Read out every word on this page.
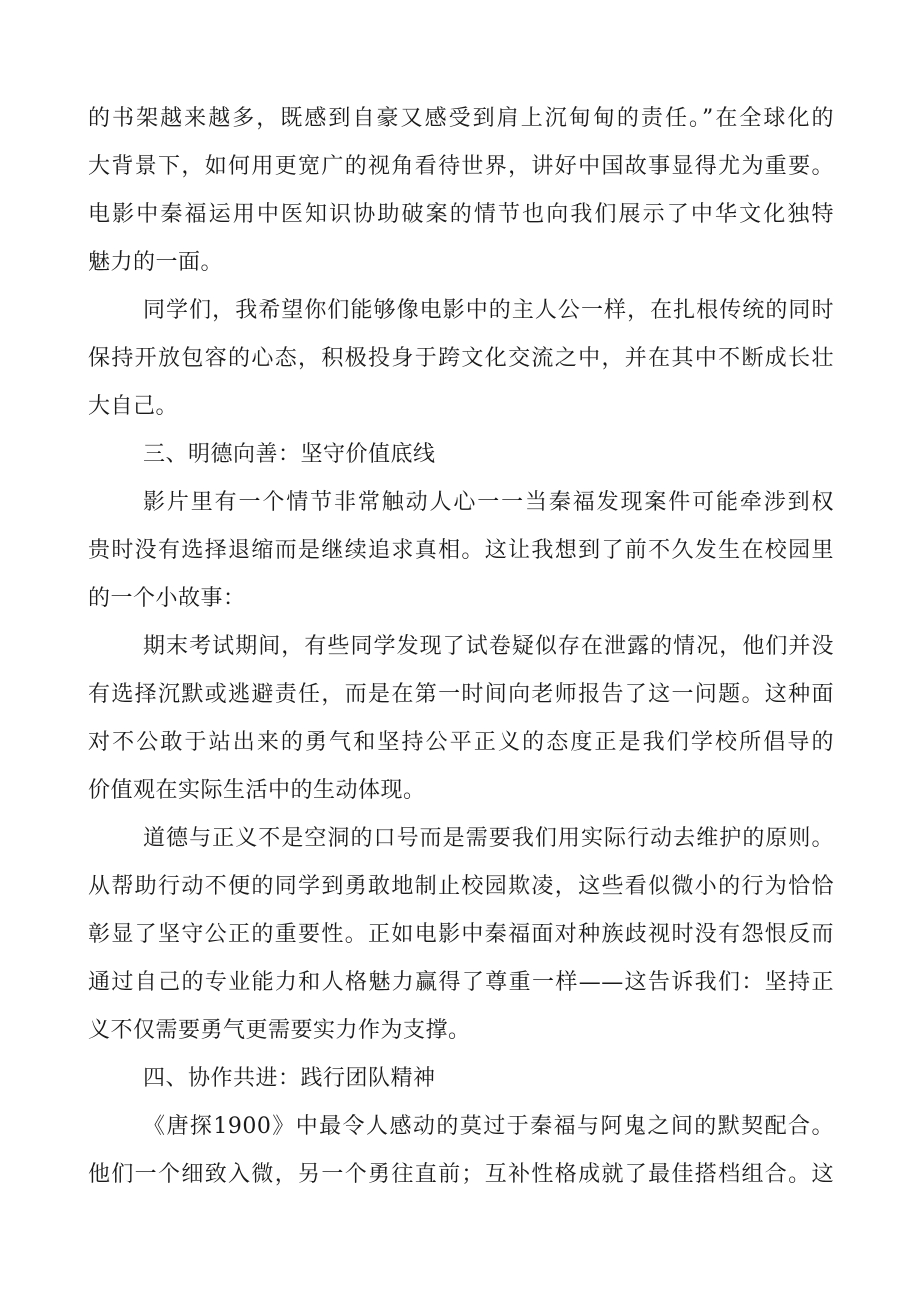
的书架越来越多，既感到自豪又感受到肩上沉甸甸的责任。”在全球化的
大背景下，如何用更宽广的视角看待世界，讲好中国故事显得尤为重要。
电影中秦福运用中医知识协助破案的情节也向我们展示了中华文化独特
魅力的一面。
同学们，我希望你们能够像电影中的主人公一样，在扎根传统的同时
保持开放包容的心态，积极投身于跨文化交流之中，并在其中不断成长壮
大自己。
三、明德向善：坚守价值底线
影片里有一个情节非常触动人心一一当秦福发现案件可能牵涉到权
贵时没有选择退缩而是继续追求真相。这让我想到了前不久发生在校园里
的一个小故事：
期末考试期间，有些同学发现了试卷疑似存在泄露的情况，他们并没
有选择沉默或逃避责任，而是在第一时间向老师报告了这一问题。这种面
对不公敢于站出来的勇气和坚持公平正义的态度正是我们学校所倡导的
价值观在实际生活中的生动体现。
道德与正义不是空洞的口号而是需要我们用实际行动去维护的原则。
从帮助行动不便的同学到勇敢地制止校园欺凌，这些看似微小的行为恰恰
彰显了坚守公正的重要性。正如电影中秦福面对种族歧视时没有怨恨反而
通过自己的专业能力和人格魅力赢得了尊重一样——这告诉我们：坚持正
义不仅需要勇气更需要实力作为支撑。
四、协作共进：践行团队精神
《唐探1900》中最令人感动的莫过于秦福与阿鬼之间的默契配合。
他们一个细致入微，另一个勇往直前；互补性格成就了最佳搭档组合。这
